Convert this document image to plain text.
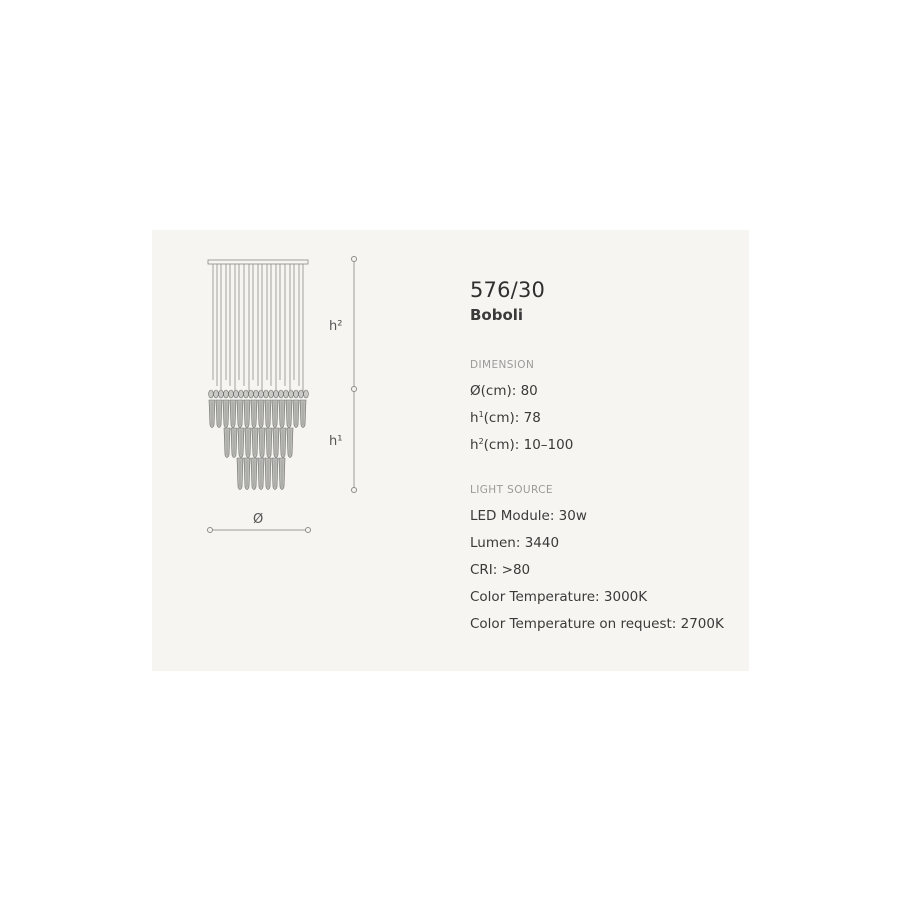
h²
h¹
Ø
576/30
Boboli
DIMENSION
Ø(cm): 80
$h^1(cm)$: 78
$h^2(cm)$: 10–100
LIGHT SOURCE
LED Module: 30w
Lumen: 3440
CRI: >80
Color Temperature: 3000K
Color Temperature on request: 2700K
